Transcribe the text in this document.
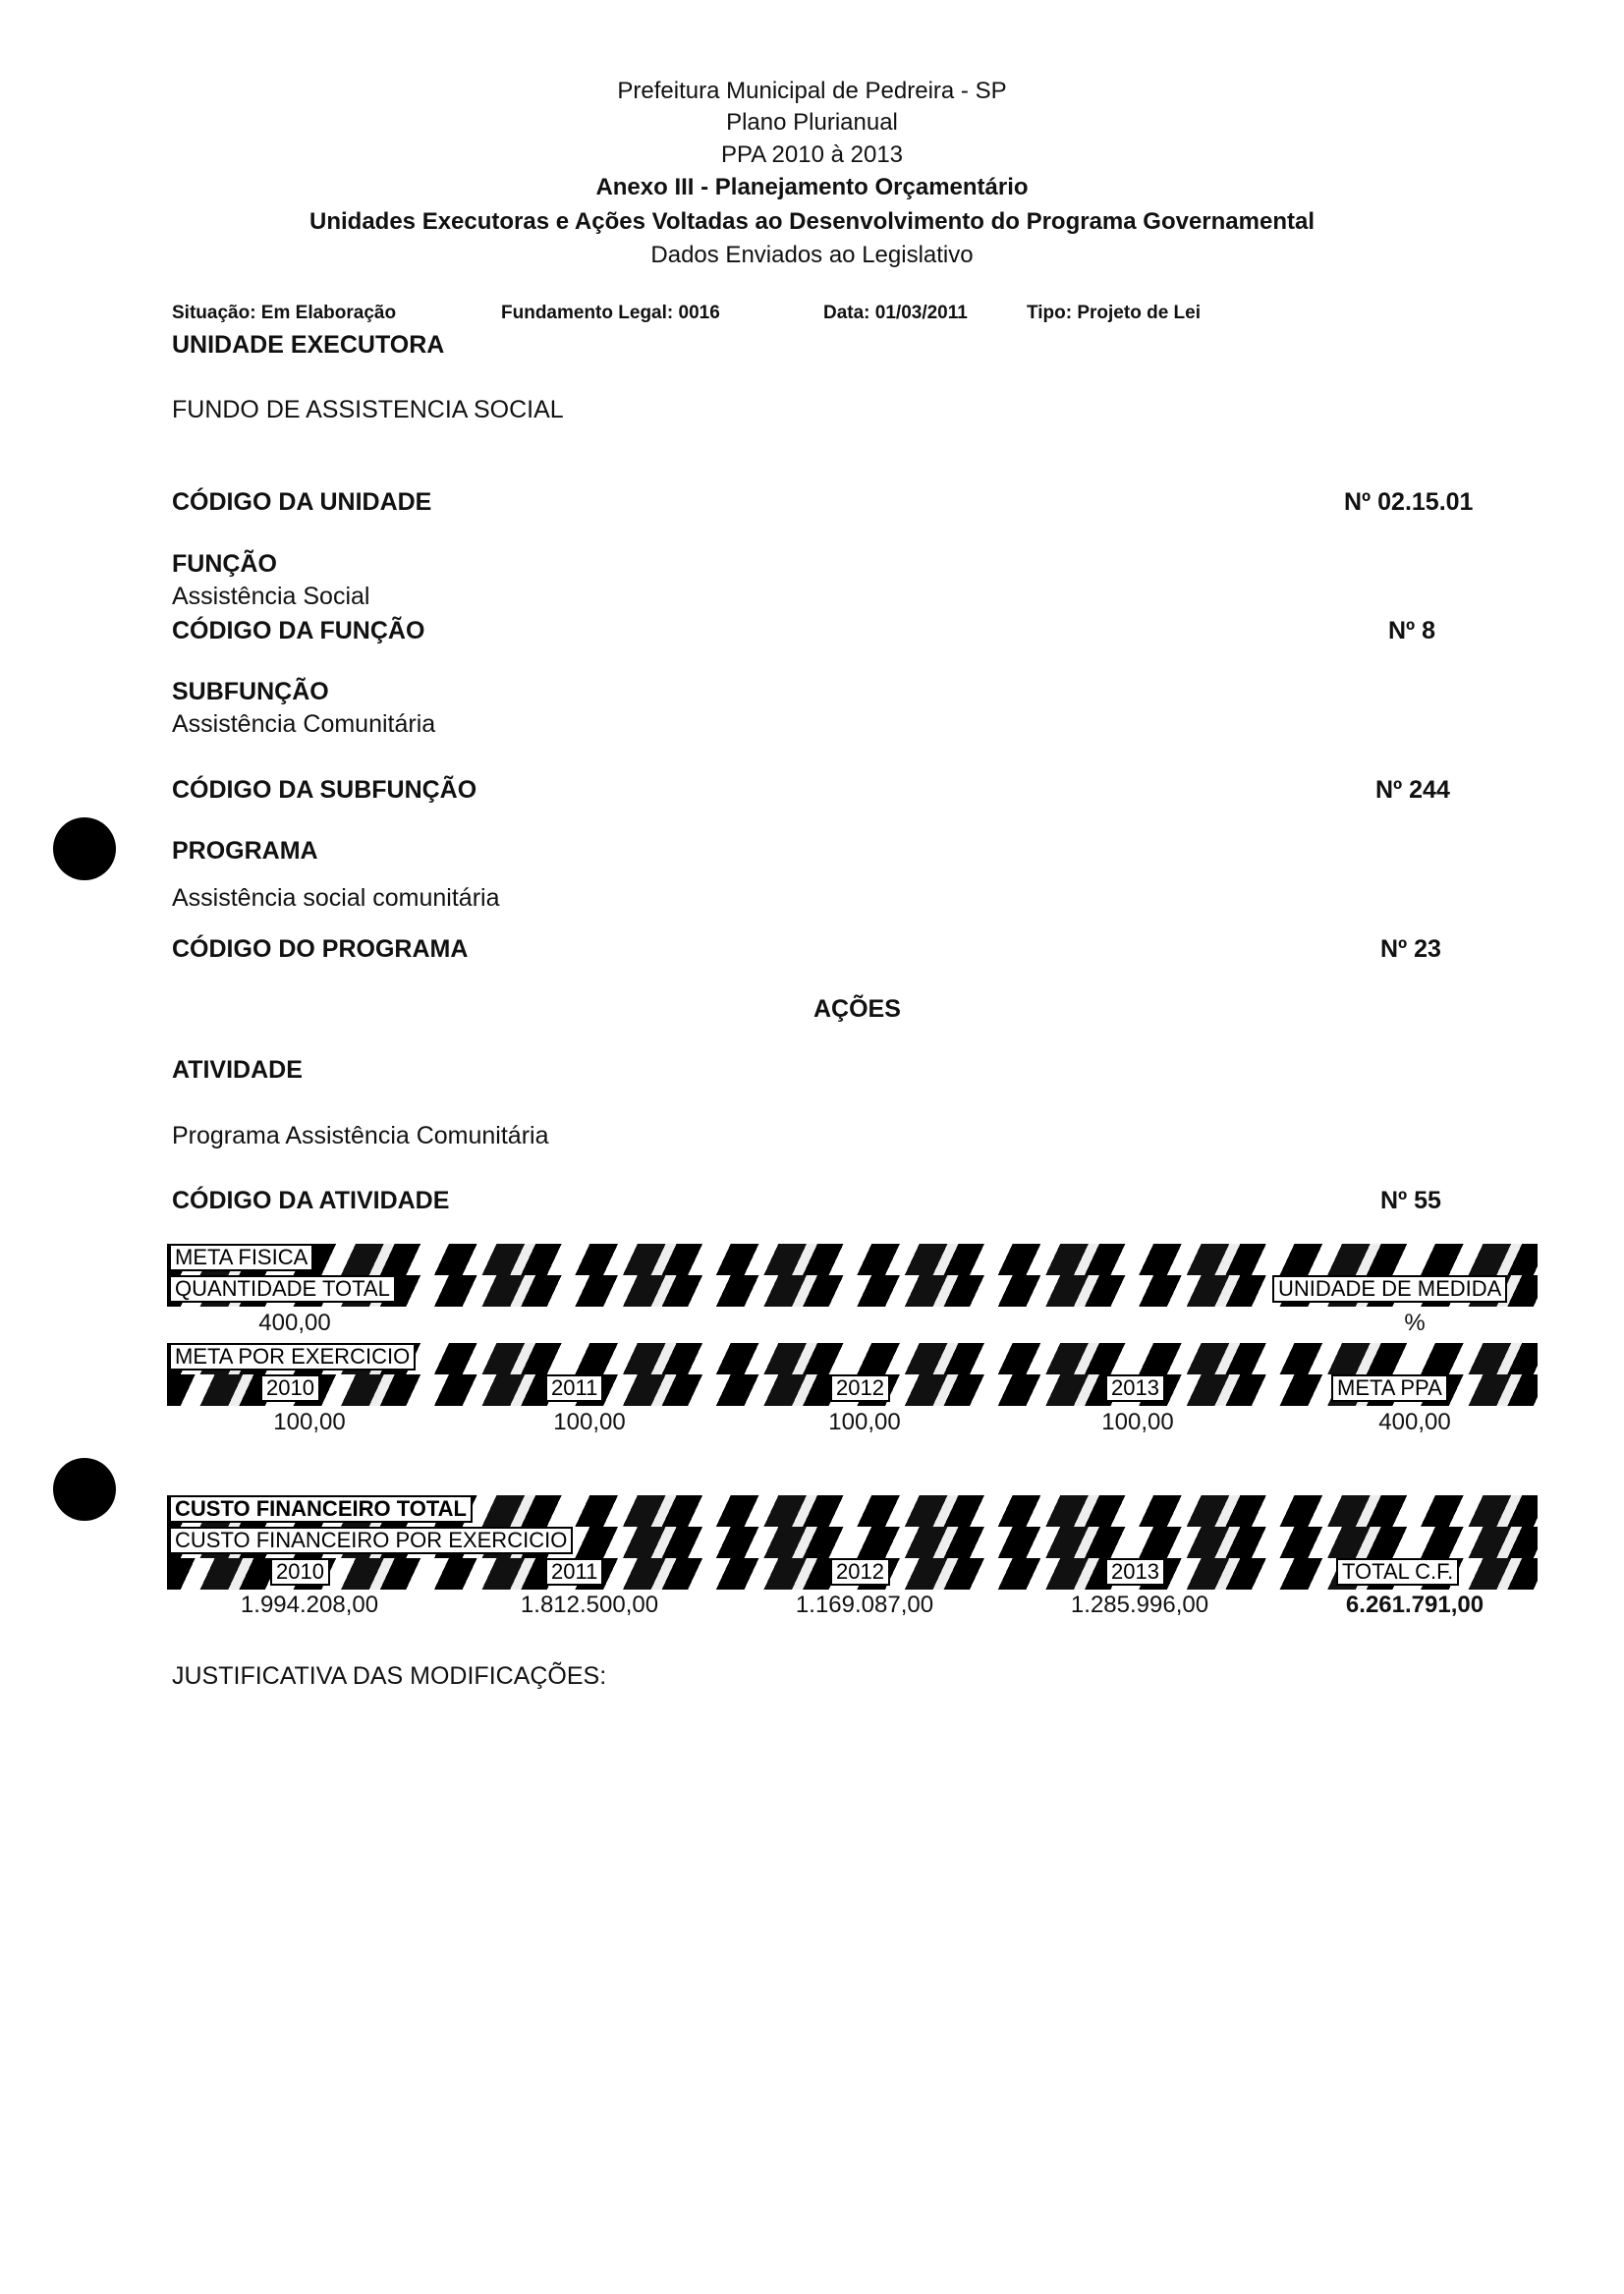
Prefeitura Municipal de Pedreira - SP
Plano Plurianual
PPA 2010 à 2013
Anexo III - Planejamento Orçamentário
Unidades Executoras e Ações Voltadas ao Desenvolvimento do Programa Governamental
Dados Enviados ao Legislativo
Situação: Em Elaboração	Fundamento Legal: 0016	Data: 01/03/2011	Tipo: Projeto de Lei
UNIDADE EXECUTORA
FUNDO DE ASSISTENCIA SOCIAL
CÓDIGO DA UNIDADE	Nº 02.15.01
FUNÇÃO
Assistência Social
CÓDIGO DA FUNÇÃO	Nº 8
SUBFUNÇÃO
Assistência Comunitária
CÓDIGO DA SUBFUNÇÃO	Nº 244
PROGRAMA
Assistência social comunitária
CÓDIGO DO PROGRAMA	Nº 23
AÇÕES
ATIVIDADE
Programa Assistência Comunitária
CÓDIGO DA ATIVIDADE	Nº 55
META FISICA
QUANTIDADE TOTAL	UNIDADE DE MEDIDA
400,00	%
META POR EXERCICIO
2010	2011	2012	2013	META PPA
100,00	100,00	100,00	100,00	400,00
CUSTO FINANCEIRO TOTAL
CUSTO FINANCEIRO POR EXERCICIO
2010	2011	2012	2013	TOTAL C.F.
1.994.208,00	1.812.500,00	1.169.087,00	1.285.996,00	6.261.791,00
JUSTIFICATIVA DAS MODIFICAÇÕES:
